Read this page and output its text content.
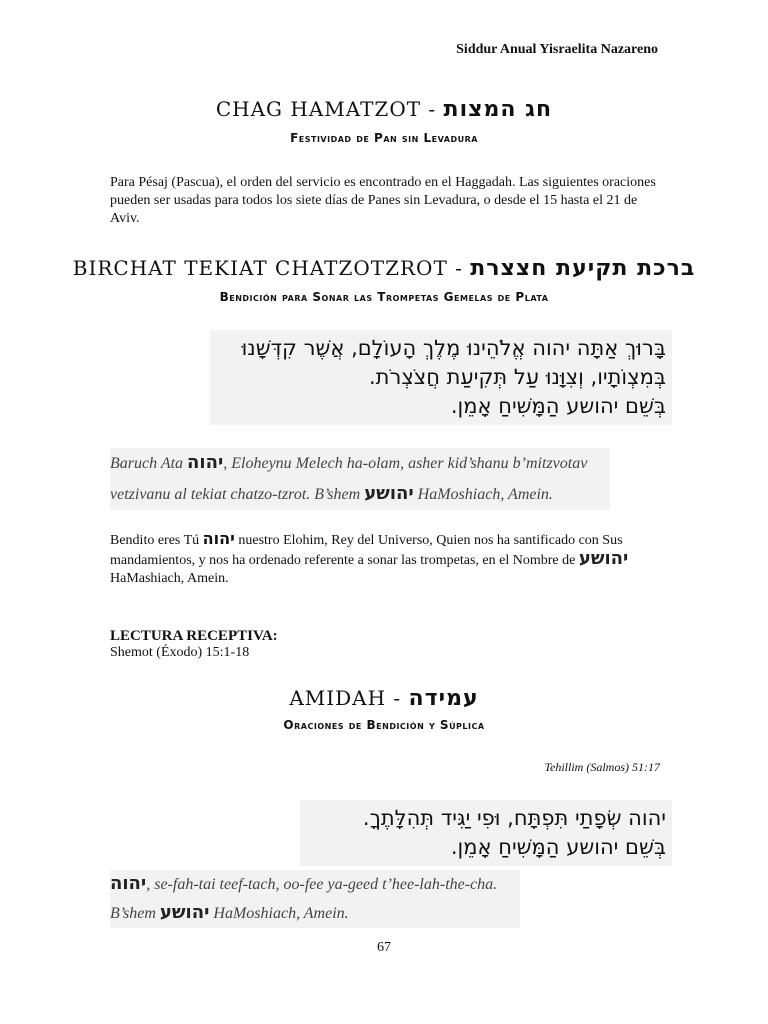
Siddur Anual Yisraelita Nazareno
CHAG HAMATZOT - חג המצות
Festividad de Pan sin Levadura
Para Pésaj (Pascua), el orden del servicio es encontrado en el Haggadah. Las siguientes oraciones pueden ser usadas para todos los siete días de Panes sin Levadura, o desde el 15 hasta el 21 de Aviv.
BIRCHAT TEKIAT CHATZOTZROT - ברכת תקיעת חצצרת
Bendición para Sonar las Trompetas Gemelas de Plata
בָּרוּךְ אַתָּה יהוה אֱלֹהֵינוּ מֶלֶךְ הָעוֹלָם, אֲשֶׁר קִדְּשָׁנוּ
בְּמִצְוֹתָיו, וְצִוָּנוּ עַל תְּקִיעַת חֲצֹצְרֹת.
בְּשֵׁם יהושע הַמָּשִׁיחַ אָמֵן.
Baruch Ata יהוה, Eloheynu Melech ha-olam, asher kid’shanu b’mitzvotav
vetzivanu al tekiat chatzo-tzrot. B’shem יהושע HaMoshiach, Amein.
Bendito eres Tú יהוה nuestro Elohim, Rey del Universo, Quien nos ha santificado con Sus mandamientos, y nos ha ordenado referente a sonar las trompetas, en el Nombre de יהושע HaMashiach, Amein.
LECTURA RECEPTIVA:
Shemot (Éxodo) 15:1-18
AMIDAH - עמידה
Oraciones de Bendición y Súplica
Tehillim (Salmos) 51:17
יהוה שְׂפָתַי תִּפְתָּח, וּפִי יַגִּיד תְּהִלָּתֶךָ.
בְּשֵׁם יהושע הַמָּשִׁיחַ אָמֵן.
יהוה, se-fah-tai teef-tach, oo-fee ya-geed t’hee-lah-the-cha.
B’shem יהושע HaMoshiach, Amein.
67
